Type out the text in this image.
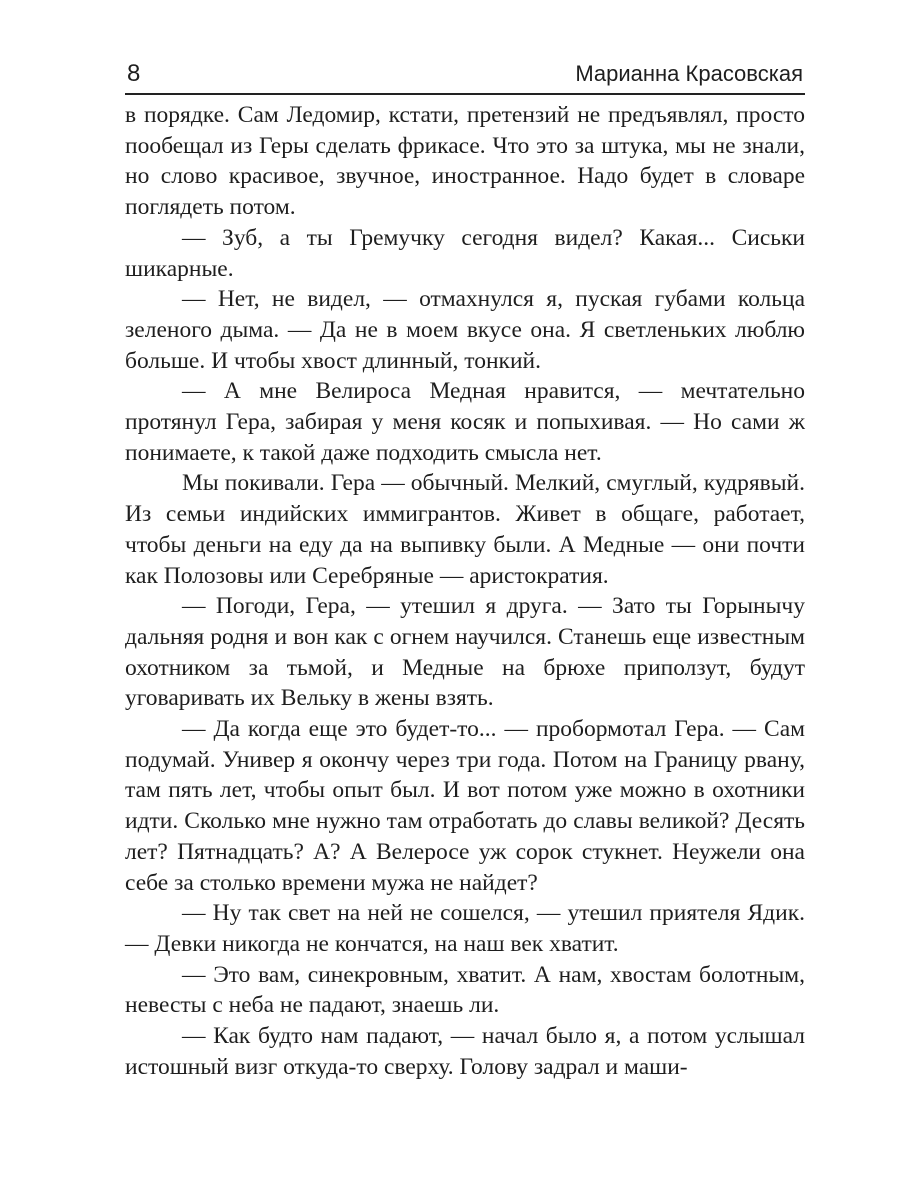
8	Марианна Красовская

в порядке. Сам Ледомир, кстати, претензий не предъявлял, просто пообещал из Геры сделать фрикасе. Что это за штука, мы не знали, но слово красивое, звучное, иностранное. Надо будет в словаре поглядеть потом.

— Зуб, а ты Гремучку сегодня видел? Какая... Сиськи шикарные.

— Нет, не видел, — отмахнулся я, пуская губами кольца зеленого дыма. — Да не в моем вкусе она. Я светленьких люблю больше. И чтобы хвост длинный, тонкий.

— А мне Велироса Медная нравится, — мечтательно протянул Гера, забирая у меня косяк и попыхивая. — Но сами ж понимаете, к такой даже подходить смысла нет.

Мы покивали. Гера — обычный. Мелкий, смуглый, кудрявый. Из семьи индийских иммигрантов. Живет в общаге, работает, чтобы деньги на еду да на выпивку были. А Медные — они почти как Полозовы или Серебряные — аристократия.

— Погоди, Гера, — утешил я друга. — Зато ты Горынычу дальняя родня и вон как с огнем научился. Станешь еще известным охотником за тьмой, и Медные на брюхе приползут, будут уговаривать их Вельку в жены взять.

— Да когда еще это будет-то... — пробормотал Гера. — Сам подумай. Универ я окончу через три года. Потом на Границу рвану, там пять лет, чтобы опыт был. И вот потом уже можно в охотники идти. Сколько мне нужно там отработать до славы великой? Десять лет? Пятнадцать? А? А Велеросе уж сорок стукнет. Неужели она себе за столько времени мужа не найдет?

— Ну так свет на ней не сошелся, — утешил приятеля Ядик. — Девки никогда не кончатся, на наш век хватит.

— Это вам, синекровным, хватит. А нам, хвостам болотным, невесты с неба не падают, знаешь ли.

— Как будто нам падают, — начал было я, а потом услышал истошный визг откуда-то сверху. Голову задрал и маши-
